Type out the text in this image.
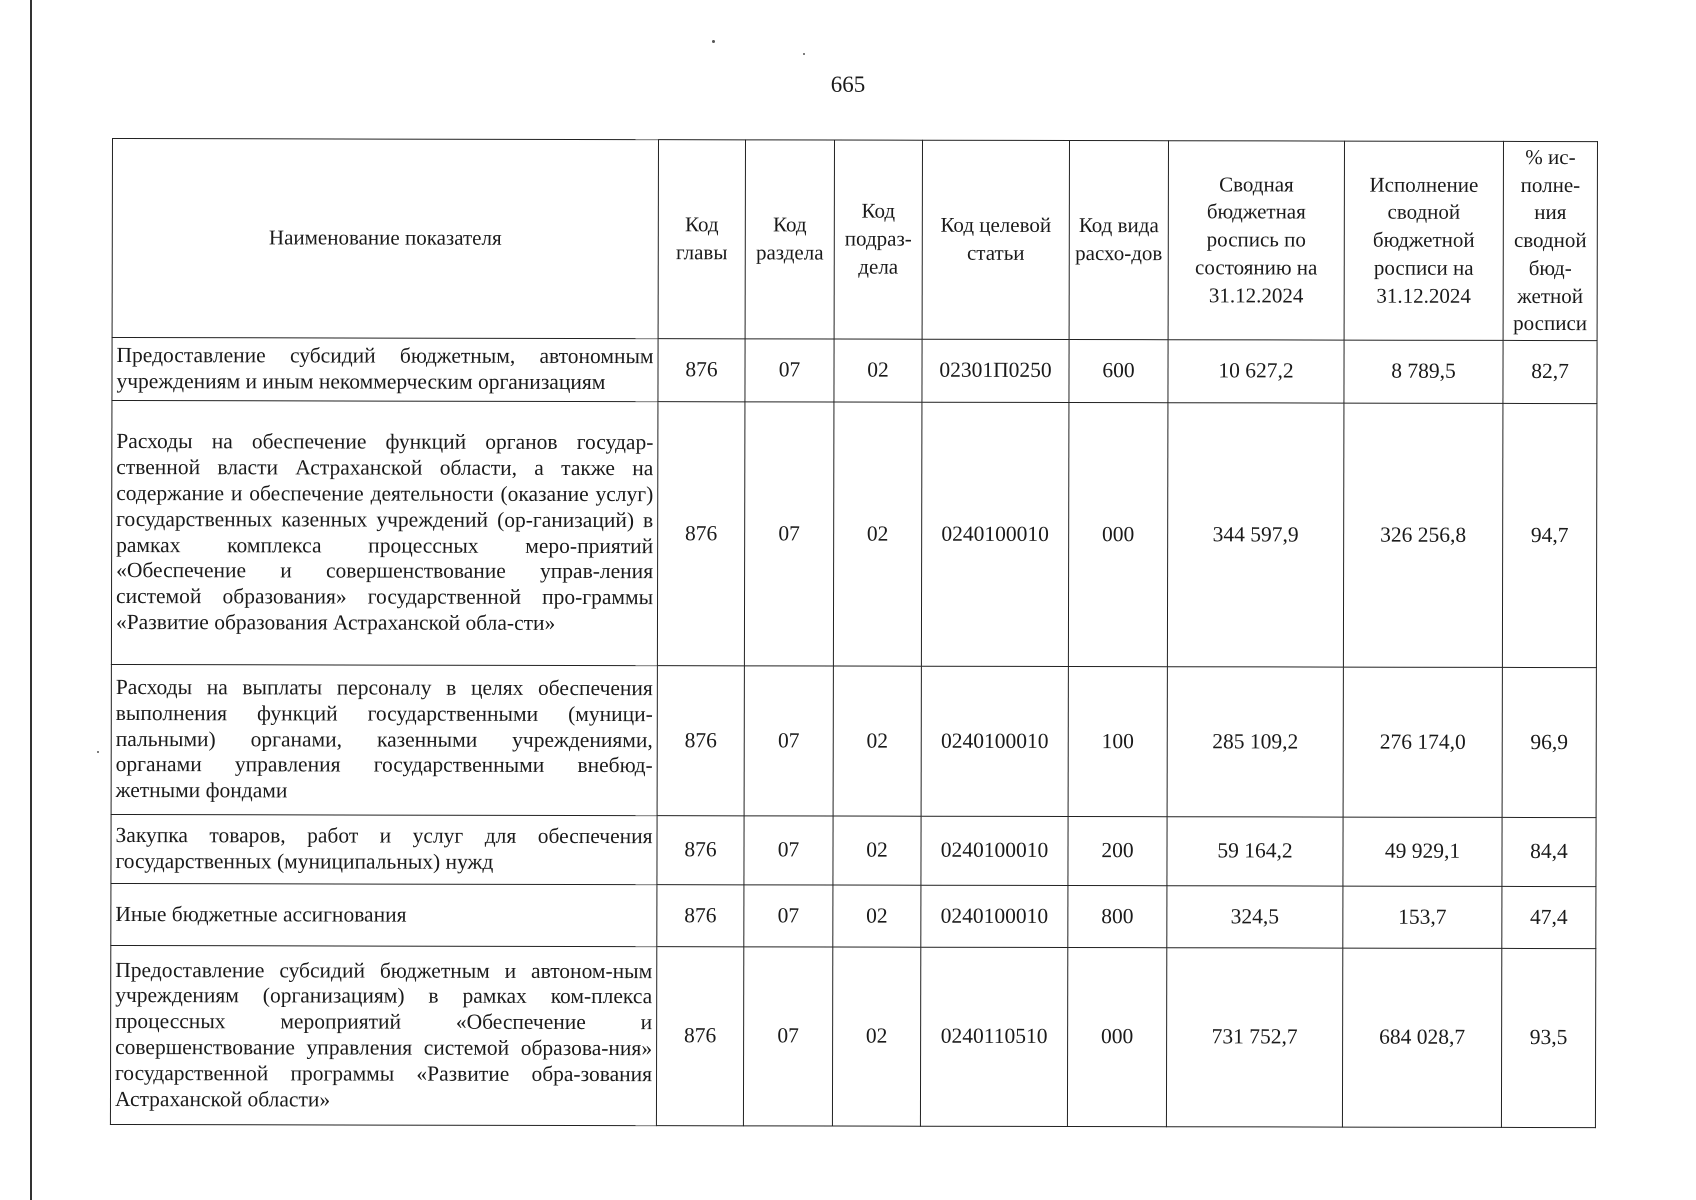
665
Наименование показателя	Код главы	Код раздела	Код подраз-дела	Код целевой статьи	Код вида расхо-дов	Сводная бюджетная роспись по состоянию на 31.12.2024	Исполнение сводной бюджетной росписи на 31.12.2024	% ис-полне-ния сводной бюд-жетной росписи
Предоставление субсидий бюджетным, автономным учреждениям и иным некоммерческим организациям	876	07	02	02301П0250	600	10 627,2	8 789,5	82,7
Расходы на обеспечение функций органов государ-ственной власти Астраханской области, а также на содержание и обеспечение деятельности (оказание услуг) государственных казенных учреждений (ор-ганизаций) в рамках комплекса процессных меро-приятий «Обеспечение и совершенствование управ-ления системой образования» государственной про-граммы «Развитие образования Астраханской обла-сти»	876	07	02	0240100010	000	344 597,9	326 256,8	94,7
Расходы на выплаты персоналу в целях обеспечения выполнения функций государственными (муници-пальными) органами, казенными учреждениями, органами управления государственными внебюд-жетными фондами	876	07	02	0240100010	100	285 109,2	276 174,0	96,9
Закупка товаров, работ и услуг для обеспечения государственных (муниципальных) нужд	876	07	02	0240100010	200	59 164,2	49 929,1	84,4
Иные бюджетные ассигнования	876	07	02	0240100010	800	324,5	153,7	47,4
Предоставление субсидий бюджетным и автоном-ным учреждениям (организациям) в рамках ком-плекса процессных мероприятий «Обеспечение и совершенствование управления системой образова-ния» государственной программы «Развитие обра-зования Астраханской области»	876	07	02	0240110510	000	731 752,7	684 028,7	93,5
